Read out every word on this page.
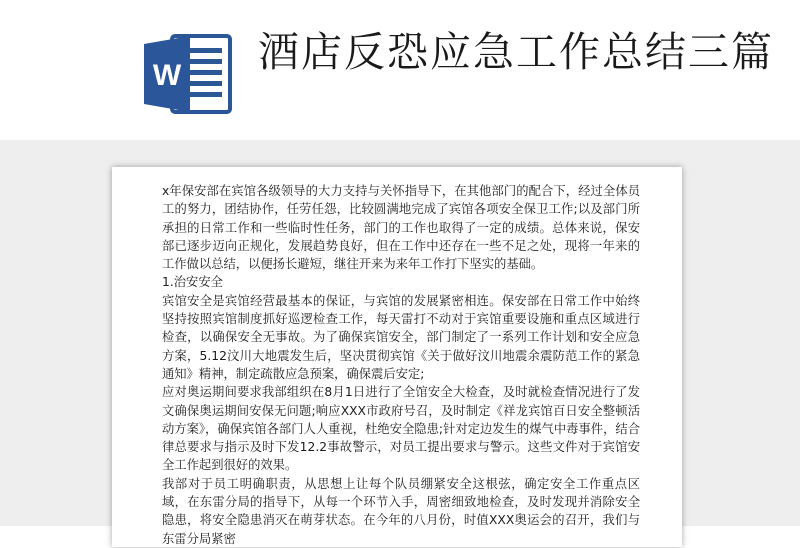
W 酒店反恐应急工作总结三篇

x年保安部在宾馆各级领导的大力支持与关怀指导下，在其他部门的配合下，经过全体员工的努力，团结协作，任劳任怨，比较圆满地完成了宾馆各项安全保卫工作;以及部门所承担的日常工作和一些临时性任务，部门的工作也取得了一定的成绩。总体来说，保安部已逐步迈向正规化，发展趋势良好，但在工作中还存在一些不足之处，现将一年来的工作做以总结，以便扬长避短，继往开来为来年工作打下坚实的基础。

1.治安安全

宾馆安全是宾馆经营最基本的保证，与宾馆的发展紧密相连。保安部在日常工作中始终坚持按照宾馆制度抓好巡逻检查工作，每天雷打不动对于宾馆重要设施和重点区域进行检查，以确保安全无事故。为了确保宾馆安全，部门制定了一系列工作计划和安全应急方案，5.12汶川大地震发生后，坚决贯彻宾馆《关于做好汶川地震余震防范工作的紧急通知》精神，制定疏散应急预案，确保震后安定;

应对奥运期间要求我部组织在8月1日进行了全馆安全大检查，及时就检查情况进行了发文确保奥运期间安保无问题;响应XXX市政府号召，及时制定《祥龙宾馆百日安全整顿活动方案》，确保宾馆各部门人人重视，杜绝安全隐患;针对定边发生的煤气中毒事件，结合律总要求与指示及时下发12.2事故警示，对员工提出要求与警示。这些文件对于宾馆安全工作起到很好的效果。

我部对于员工明确职责，从思想上让每个队员绷紧安全这根弦，确定安全工作重点区域，在东雷分局的指导下，从每一个环节入手，周密细致地检查，及时发现并消除安全隐患，将安全隐患消灭在萌芽状态。在今年的八月份，时值XXX奥运会的召开，我们与东雷分局紧密
